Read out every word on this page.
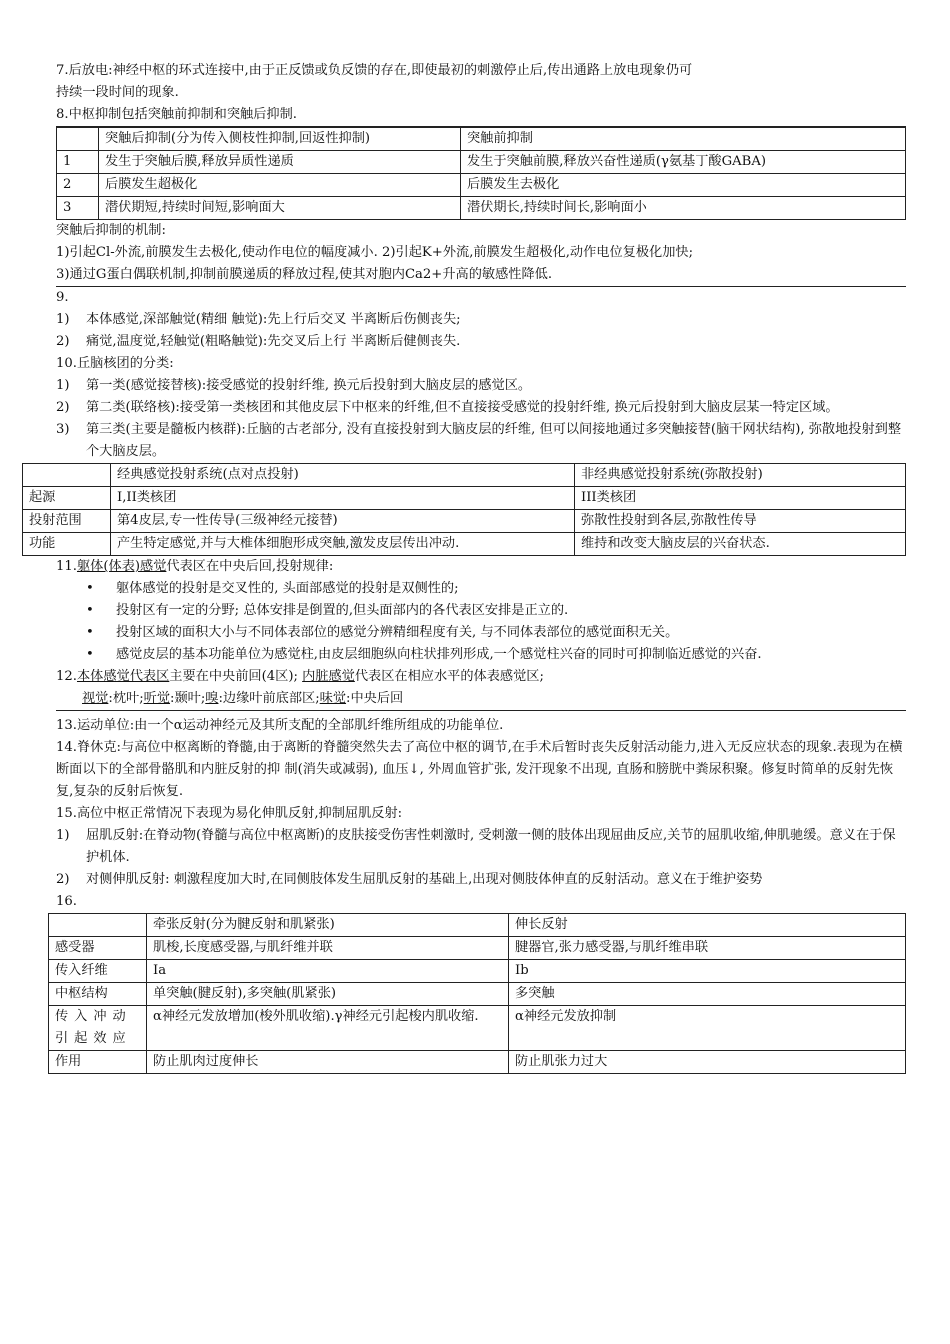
7.后放电:神经中枢的环式连接中,由于正反馈或负反馈的存在,即使最初的刺激停止后,传出通路上放电现象仍可

持续一段时间的现象.

8.中枢抑制包括突触前抑制和突触后抑制.

	突触后抑制(分为传入侧枝性抑制,回返性抑制)	突触前抑制
1	发生于突触后膜,释放异质性递质	发生于突触前膜,释放兴奋性递质(γ氨基丁酸GABA)
2	后膜发生超极化	后膜发生去极化
3	潜伏期短,持续时间短,影响面大	潜伏期长,持续时间长,影响面小

突触后抑制的机制:

1)引起Cl-外流,前膜发生去极化,使动作电位的幅度减小. 2)引起K+外流,前膜发生超极化,动作电位复极化加快;

3)通过G蛋白偶联机制,抑制前膜递质的释放过程,使其对胞内Ca2+升高的敏感性降低.

9.

1)	本体感觉,深部触觉(精细 触觉):先上行后交叉 半离断后伤侧丧失;
2)	痛觉,温度觉,轻触觉(粗略触觉):先交叉后上行 半离断后健侧丧失.

10.丘脑核团的分类:

1)	第一类(感觉接替核):接受感觉的投射纤维, 换元后投射到大脑皮层的感觉区。
2)	第二类(联络核):接受第一类核团和其他皮层下中枢来的纤维,但不直接接受感觉的投射纤维, 换元后投射到大脑皮层某一特定区域。
3)	第三类(主要是髓板内核群):丘脑的古老部分, 没有直接投射到大脑皮层的纤维, 但可以间接地通过多突触接替(脑干网状结构), 弥散地投射到整个大脑皮层。
	经典感觉投射系统(点对点投射)	非经典感觉投射系统(弥散投射)
起源	I,II类核团	III类核团
投射范围	第4皮层,专一性传导(三级神经元接替)	弥散性投射到各层,弥散性传导
功能	产生特定感觉,并与大椎体细胞形成突触,激发皮层传出冲动.	维持和改变大脑皮层的兴奋状态.

11.躯体(体表)感觉代表区在中央后回,投射规律:

•	躯体感觉的投射是交叉性的, 头面部感觉的投射是双侧性的;
•	投射区有一定的分野; 总体安排是倒置的,但头面部内的各代表区安排是正立的.
•	投射区域的面积大小与不同体表部位的感觉分辨精细程度有关, 与不同体表部位的感觉面积无关。
•	感觉皮层的基本功能单位为感觉柱,由皮层细胞纵向柱状排列形成,一个感觉柱兴奋的同时可抑制临近感觉的兴奋.

12.本体感觉代表区主要在中央前回(4区); 内脏感觉代表区在相应水平的体表感觉区;

视觉:枕叶;听觉:颞叶;嗅:边缘叶前底部区;味觉:中央后回

13.运动单位:由一个α运动神经元及其所支配的全部肌纤维所组成的功能单位.

14.脊休克:与高位中枢离断的脊髓,由于离断的脊髓突然失去了高位中枢的调节,在手术后暂时丧失反射活动能力,进入无反应状态的现象.表现为在横断面以下的全部骨骼肌和内脏反射的抑 制(消失或减弱), 血压↓, 外周血管扩张, 发汗现象不出现, 直肠和膀胱中粪尿积聚。修复时简单的反射先恢复,复杂的反射后恢复.

15.高位中枢正常情况下表现为易化伸肌反射,抑制屈肌反射:

1)	屈肌反射:在脊动物(脊髓与高位中枢离断)的皮肤接受伤害性刺激时, 受刺激一侧的肢体出现屈曲反应,关节的屈肌收缩,伸肌驰缓。意义在于保护机体.
2)	对侧伸肌反射: 刺激程度加大时,在同侧肢体发生屈肌反射的基础上,出现对侧肢体伸直的反射活动。意义在于维护姿势

16.

	牵张反射(分为腱反射和肌紧张)	伸长反射
感受器	肌梭,长度感受器,与肌纤维并联	腱器官,张力感受器,与肌纤维串联
传入纤维	Ia	Ib
中枢结构	单突触(腱反射),多突触(肌紧张)	多突触
传入冲动引起效应	α神经元发放增加(梭外肌收缩).γ神经元引起梭内肌收缩.	α神经元发放抑制
作用	防止肌肉过度伸长	防止肌张力过大
